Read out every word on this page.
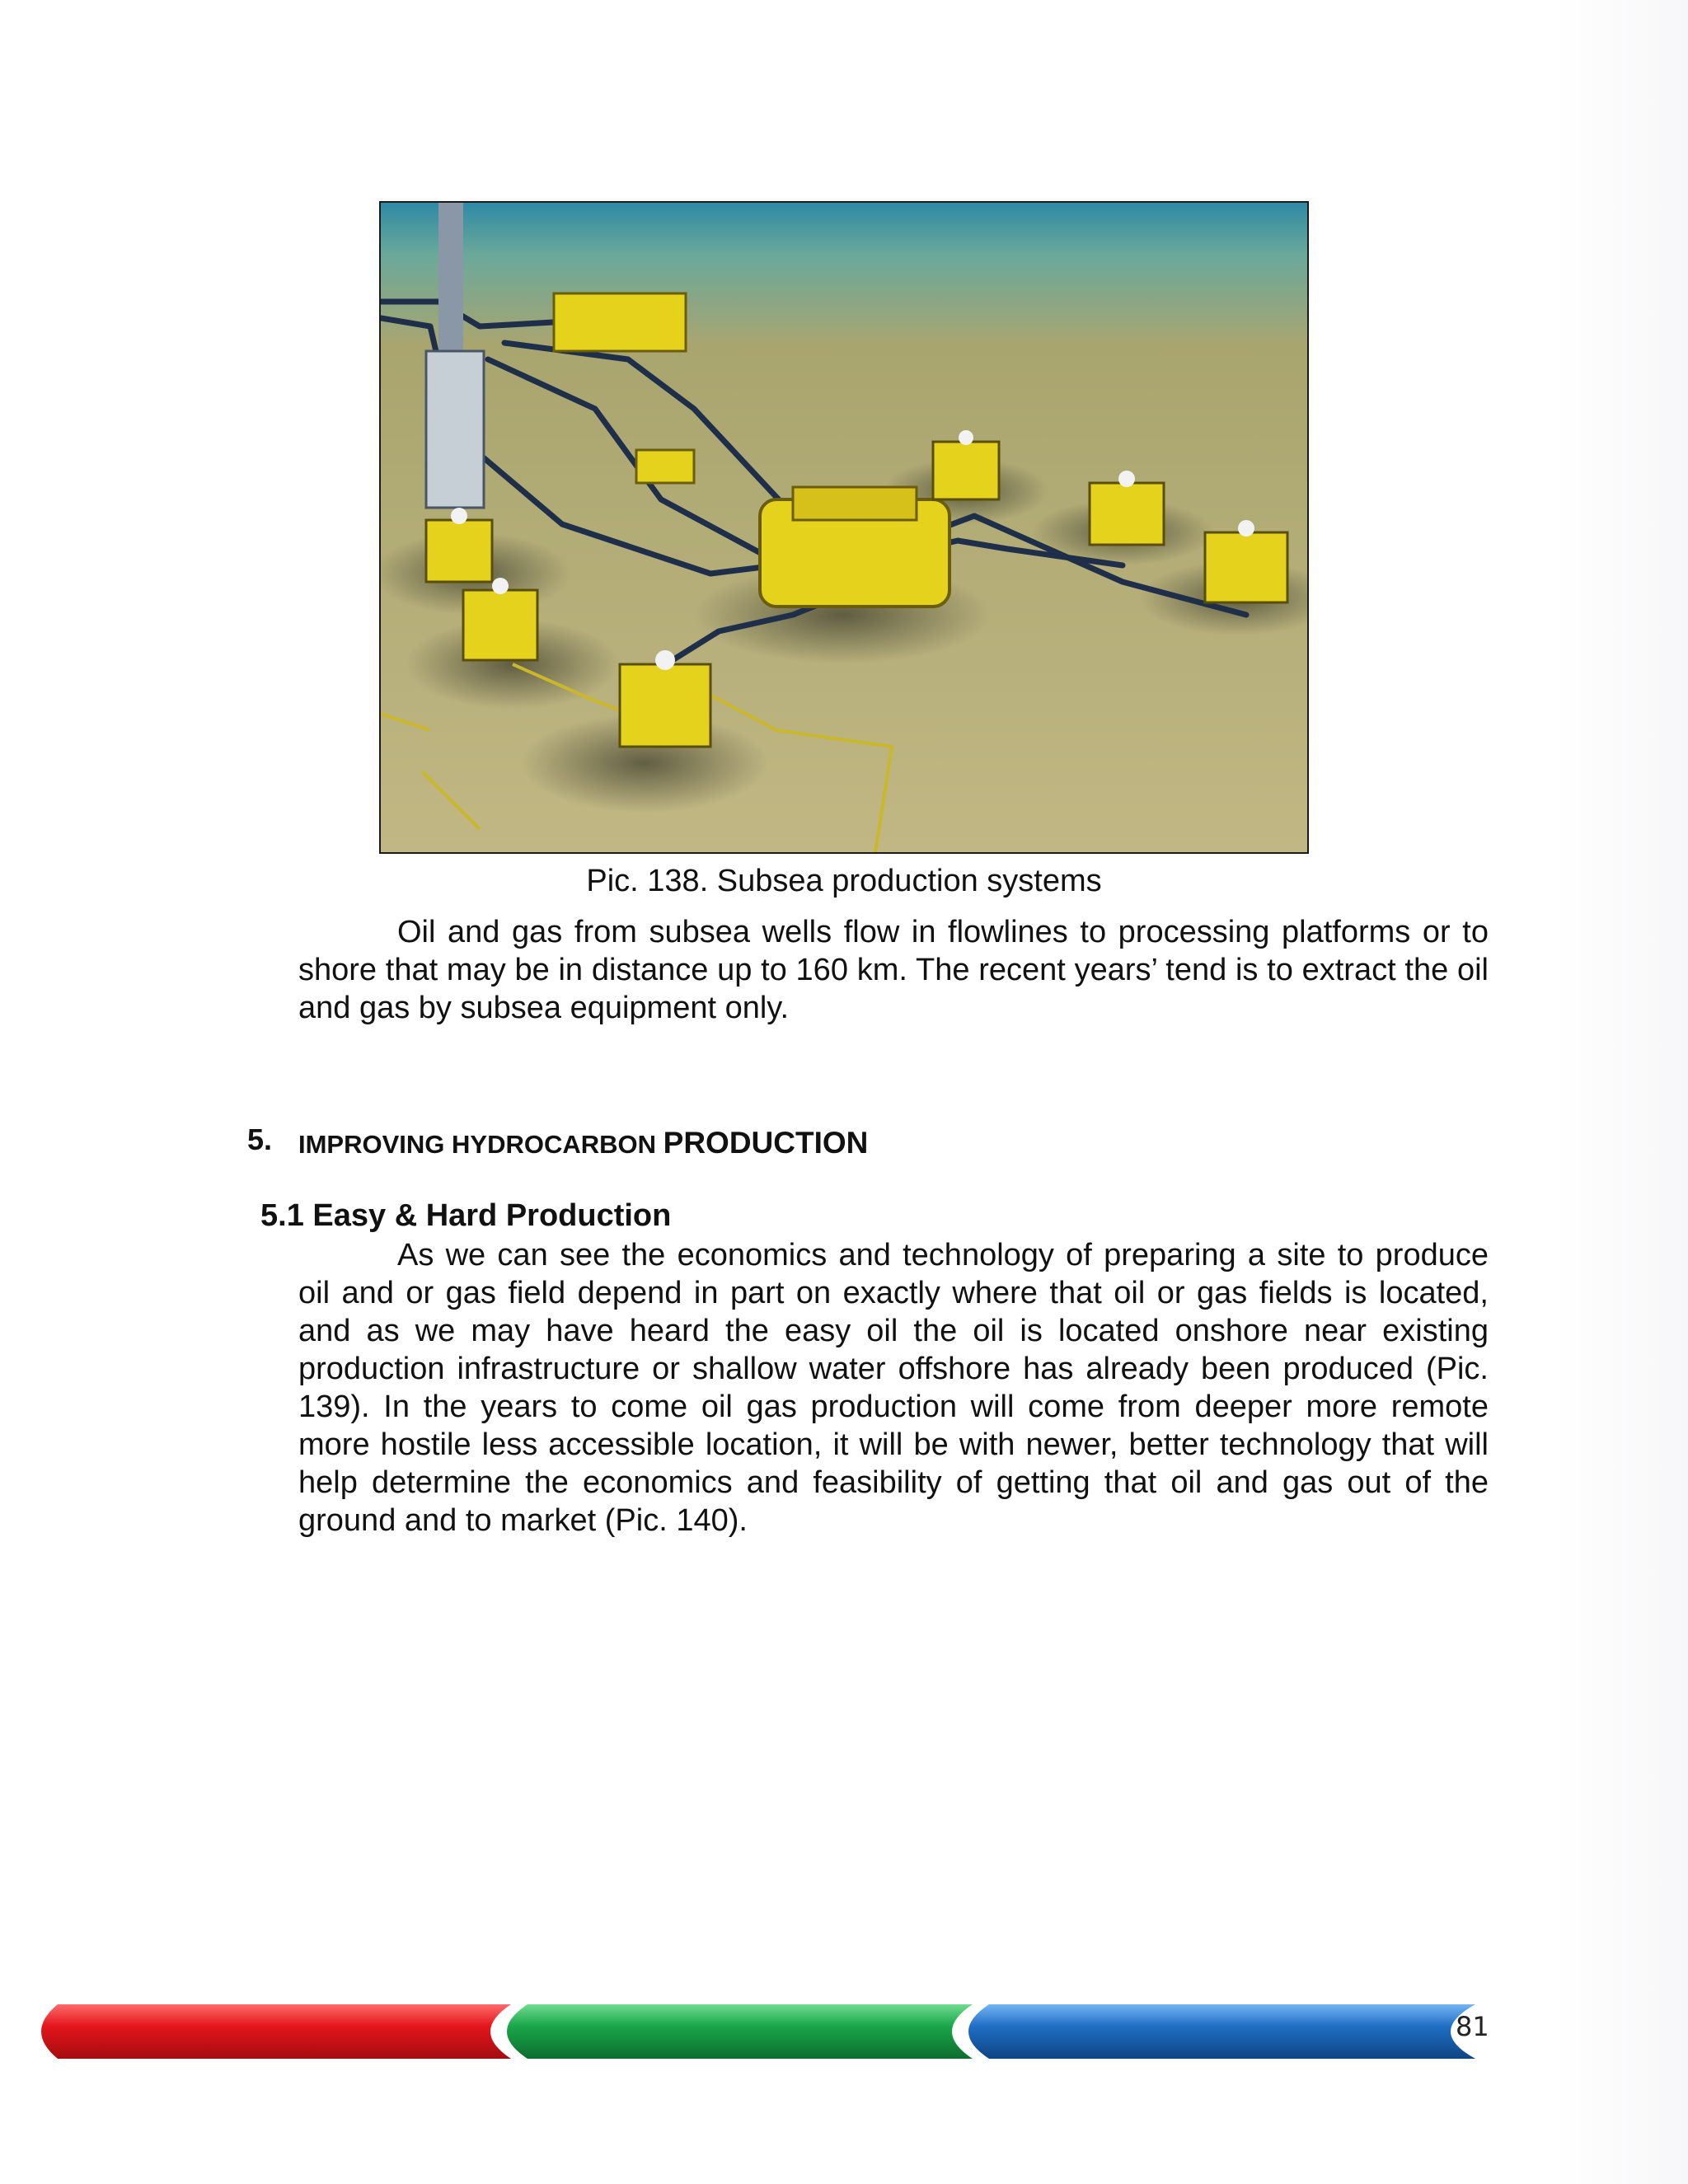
Pic. 138. Subsea production systems

Oil and gas from subsea wells flow in flowlines to processing platforms or to shore that may be in distance up to 160 km. The recent years’ tend is to extract the oil and gas by subsea equipment only.

5. IMPROVING HYDROCARBON PRODUCTION
5.1 Easy & Hard Production

As we can see the economics and technology of preparing a site to produce oil and or gas field depend in part on exactly where that oil or gas fields is located, and as we may have heard the easy oil the oil is located onshore near existing production infrastructure or shallow water offshore has already been produced (Pic. 139). In the years to come oil gas production will come from deeper more remote more hostile less accessible location, it will be with newer, better technology that will help determine the economics and feasibility of getting that oil and gas out of the ground and to market (Pic. 140).

81
